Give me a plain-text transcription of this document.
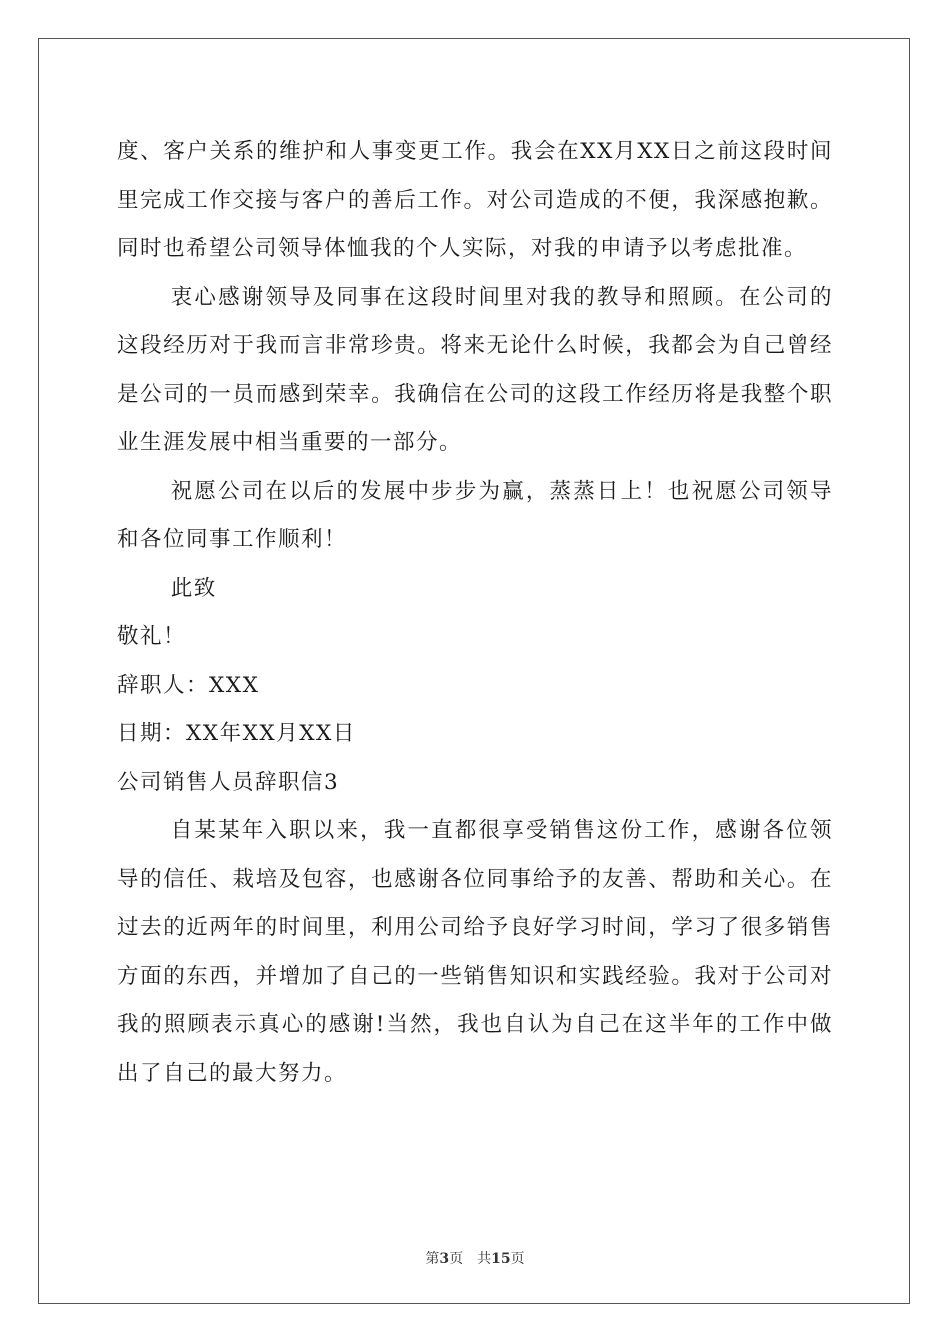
度、客户关系的维护和人事变更工作。我会在XX月XX日之前这段时间里完成工作交接与客户的善后工作。对公司造成的不便，我深感抱歉。同时也希望公司领导体恤我的个人实际，对我的申请予以考虑批准。

衷心感谢领导及同事在这段时间里对我的教导和照顾。在公司的这段经历对于我而言非常珍贵。将来无论什么时候，我都会为自己曾经是公司的一员而感到荣幸。我确信在公司的这段工作经历将是我整个职业生涯发展中相当重要的一部分。

祝愿公司在以后的发展中步步为赢，蒸蒸日上！也祝愿公司领导和各位同事工作顺利！

此致

敬礼！

辞职人：XXX

日期：XX年XX月XX日

公司销售人员辞职信3

自某某年入职以来，我一直都很享受销售这份工作，感谢各位领导的信任、栽培及包容，也感谢各位同事给予的友善、帮助和关心。在过去的近两年的时间里，利用公司给予良好学习时间，学习了很多销售方面的东西，并增加了自己的一些销售知识和实践经验。我对于公司对我的照顾表示真心的感谢!当然，我也自认为自己在这半年的工作中做出了自己的最大努力。

第3页 共15页
